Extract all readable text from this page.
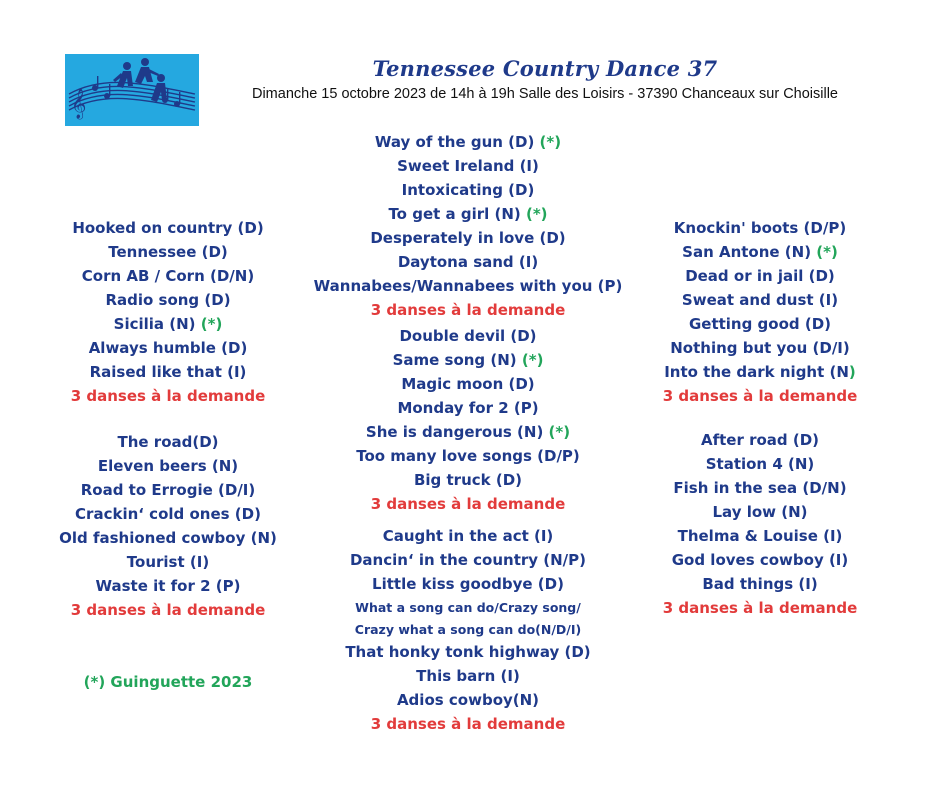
𝄞
Tennessee Country Dance 37
Dimanche 15 octobre 2023 de 14h à 19h Salle des Loisirs - 37390 Chanceaux sur Choisille
Hooked on country (D)
Tennessee (D)
Corn AB / Corn (D/N)
Radio song (D)
Sicilia (N) (*)
Always humble (D)
Raised like that (I)
3 danses à la demande
The road(D)
Eleven beers (N)
Road to Errogie (D/I)
Crackin‘ cold ones (D)
Old fashioned cowboy (N)
Tourist (I)
Waste it for 2 (P)
3 danses à la demande
(*) Guinguette 2023
Way of the gun (D) (*)
Sweet Ireland (I)
Intoxicating (D)
To get a girl (N) (*)
Desperately in love (D)
Daytona sand (I)
Wannabees/Wannabees with you (P)
3 danses à la demande
Double devil (D)
Same song (N) (*)
Magic moon (D)
Monday for 2 (P)
She is dangerous (N) (*)
Too many love songs (D/P)
Big truck (D)
3 danses à la demande
Caught in the act (I)
Dancin‘ in the country (N/P)
Little kiss goodbye (D)
What a song can do/Crazy song/
Crazy what a song can do(N/D/I)
That honky tonk highway (D)
This barn (I)
Adios cowboy(N)
3 danses à la demande
Knockin' boots (D/P)
San Antone (N) (*)
Dead or in jail (D)
Sweat and dust (I)
Getting good (D)
Nothing but you (D/I)
Into the dark night (N)
3 danses à la demande
After road (D)
Station 4 (N)
Fish in the sea (D/N)
Lay low (N)
Thelma & Louise (I)
God loves cowboy (I)
Bad things (I)
3 danses à la demande
